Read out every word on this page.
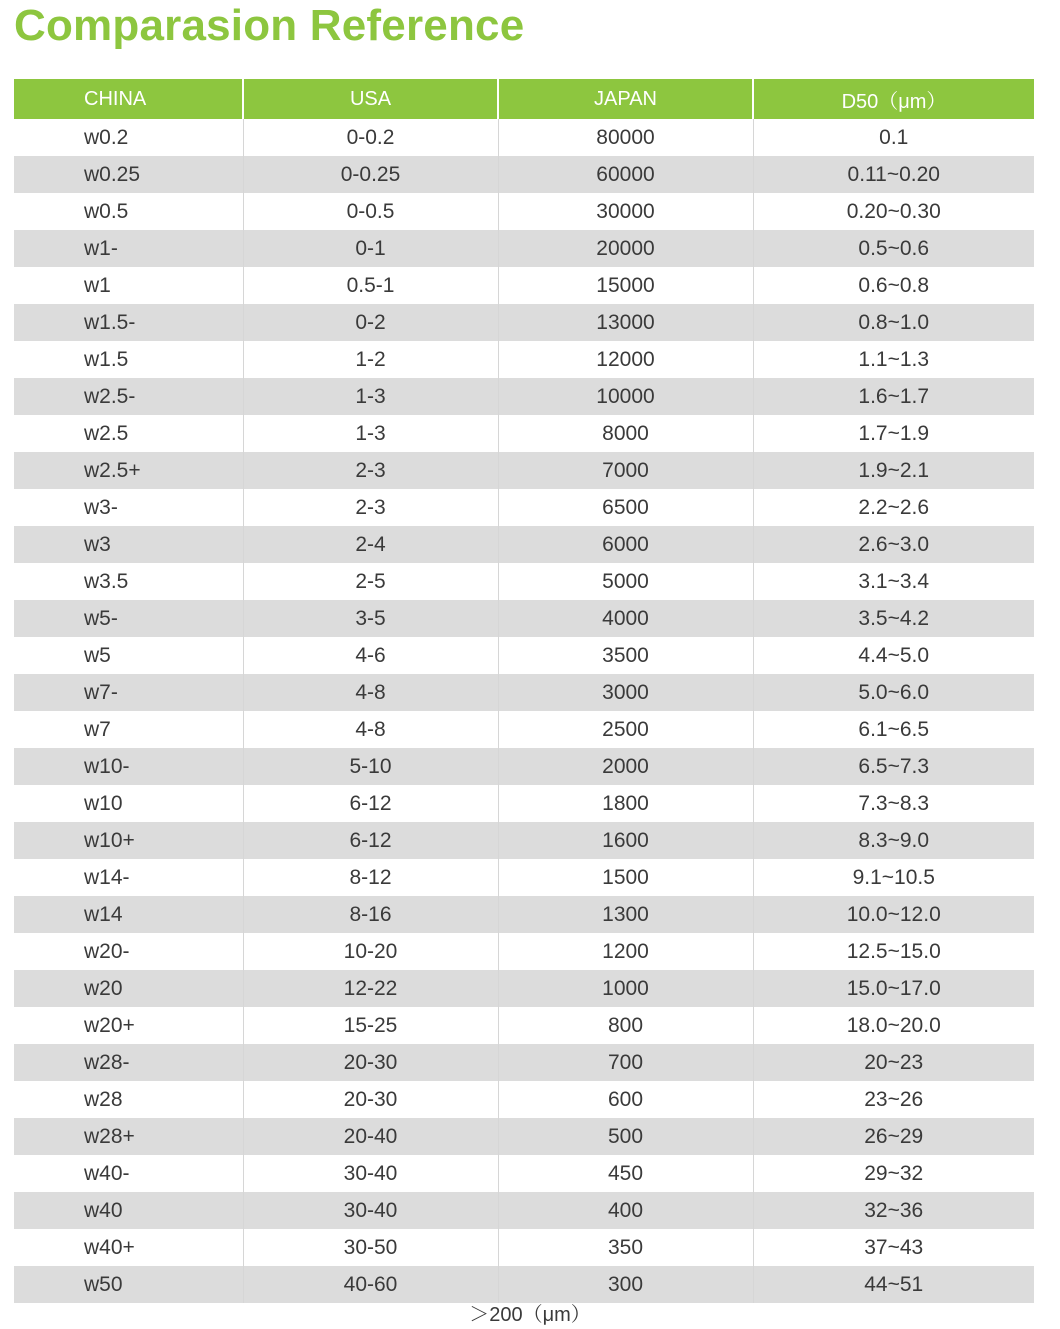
Comparasion Reference
CHINA	USA	JAPAN	D50（μm）
w0.2	0-0.2	80000	0.1
w0.25	0-0.25	60000	0.11~0.20
w0.5	0-0.5	30000	0.20~0.30
w1-	0-1	20000	0.5~0.6
w1	0.5-1	15000	0.6~0.8
w1.5-	0-2	13000	0.8~1.0
w1.5	1-2	12000	1.1~1.3
w2.5-	1-3	10000	1.6~1.7
w2.5	1-3	8000	1.7~1.9
w2.5+	2-3	7000	1.9~2.1
w3-	2-3	6500	2.2~2.6
w3	2-4	6000	2.6~3.0
w3.5	2-5	5000	3.1~3.4
w5-	3-5	4000	3.5~4.2
w5	4-6	3500	4.4~5.0
w7-	4-8	3000	5.0~6.0
w7	4-8	2500	6.1~6.5
w10-	5-10	2000	6.5~7.3
w10	6-12	1800	7.3~8.3
w10+	6-12	1600	8.3~9.0
w14-	8-12	1500	9.1~10.5
w14	8-16	1300	10.0~12.0
w20-	10-20	1200	12.5~15.0
w20	12-22	1000	15.0~17.0
w20+	15-25	800	18.0~20.0
w28-	20-30	700	20~23
w28	20-30	600	23~26
w28+	20-40	500	26~29
w40-	30-40	450	29~32
w40	30-40	400	32~36
w40+	30-50	350	37~43
w50	40-60	300	44~51
＞200（μm）
